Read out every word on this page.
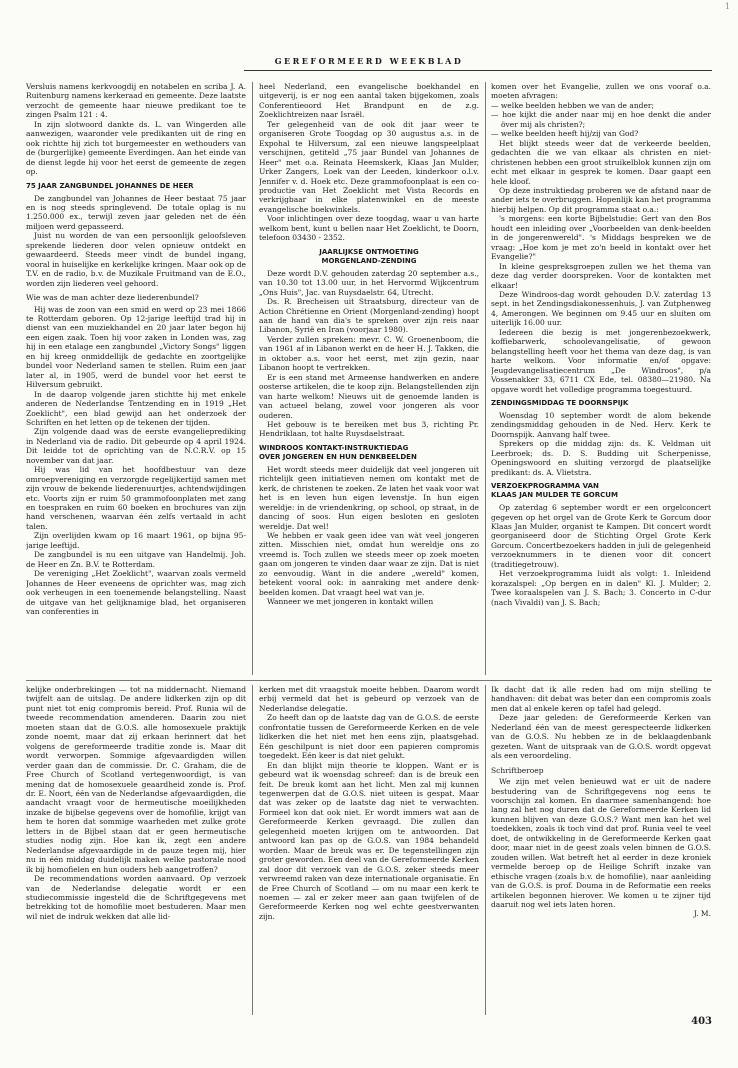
1
GEREFORMEERD WEEKBLAD

Versluis namens kerkvoogdij en notabelen en scriba J. A. Ruitenburg namens kerkeraad en gemeente. Deze laatste verzocht de gemeente haar nieuwe predikant toe te zingen Psalm 121 : 4.

In zijn slotwoord dankte ds. L. van Wingerden alle aanwezigen, waaronder vele predikanten uit de ring en ook richtte hij zich tot burgemeester en wethouders van de (burgerlijke) gemeente Everdingen. Aan het einde van de dienst legde hij voor het eerst de gemeente de zegen op.

75 JAAR ZANGBUNDEL JOHANNES DE HEER

De zangbundel van Johannes de Heer bestaat 75 jaar en is nog steeds springlevend. De totale oplag is nu 1.250.000 ex., terwijl zeven jaar geleden net de één miljoen werd gepasseerd.

Juist nu worden de van een persoonlijk geloofsleven sprekende liederen door velen opnieuw ontdekt en gewaardeerd. Steeds meer vindt de bundel ingang, vooral in huiselijke en kerkelijke kringen. Maar ook op de T.V. en de radio, b.v. de Muzikale Fruitmand van de E.O., worden zijn liederen veel gehoord.

Wie was de man achter deze liederenbundel?

Hij was de zoon van een smid en werd op 23 mei 1866 te Rotterdam geboren. Op 12-jarige leeftijd trad hij in dienst van een muziekhandel en 20 jaar later begon hij een eigen zaak. Toen hij voor zaken in Londen was, zag hij in een etalage een zangbundel „Victory Songs" liggen en hij kreeg onmiddellijk de gedachte en zoortgelijke bundel voor Nederland samen te stellen. Ruim een jaar later al, in 1905, werd de bundel voor het eerst te Hilversum gebruikt.

In de daarop volgende jaren stichtte hij met enkele anderen de Nederlandse Tentzending en in 1919 „Het Zoeklicht", een blad gewijd aan het onderzoek der Schriften en het letten op de tekenen der tijden.

Zijn volgende daad was de eerste evangelieprediking in Nederland via de radio. Dit gebeurde op 4 april 1924. Dit leidde tot de oprichting van de N.C.R.V. op 15 november van dat jaar.

Hij was lid van het hoofdbestuur van deze omroepvereniging en verzorgde regelijkertijd samen met zijn vrouw de bekende liederenuurtjes, achtendwijdingen etc. Voorts zijn er ruim 50 grammofoonplaten met zang en toespraken en ruim 60 boeken en brochures van zijn hand verschenen, waarvan één zelfs vertaald in acht talen.

Zijn overlijden kwam op 16 maart 1961, op bijna 95-jarige leeftijd.

De zangbundel is nu een uitgave van Handelmij. Joh. de Heer en Zn. B.V. te Rotterdam.

De vereniging „Het Zoeklicht", waarvan zoals vermeld Johannes de Heer eveneens de oprichter was, mag zich ook verheugen in een toenemende belangstelling. Naast de uitgave van het gelijknamige blad, het organiseren van conferenties in

heel Nederland, een evangelische boekhandel en uitgeverij, is er nog een aantal taken bijgekomen, zoals Conferentieoord Het Brandpunt en de z.g. Zoeklichtreizen naar Israël.

Ter gelegenheid van de ook dit jaar weer te organiseren Grote Toogdag op 30 augustus a.s. in de Expohal te Hilversum, zal een nieuwe langspeelplaat verschijnen, getiteld „75 jaar Bundel van Johannes de Heer" met o.a. Reinata Heemskerk, Klaas Jan Mulder, Urker Zangers, Loek van der Leeden, kinderkoor o.l.v. Jennifer v. d. Hoek etc. Deze grammofoonplaat is een co-productie van Het Zoeklicht met Vista Records en verkrijgbaar in elke platenwinkel en de meeste evangelische boekwinkels.

Voor inlichtingen over deze toogdag, waar u van harte welkom bent, kunt u bellen naar Het Zoeklicht, te Doorn, telefoon 03430 - 2352.

JAARLIJKSE ONTMOETING
MORGENLAND-ZENDING

Deze wordt D.V. gehouden zaterdag 20 september a.s., van 10.30 tot 13.00 uur, in het Hervormd Wijkcentrum „Ons Huis", Jac. van Ruysdaelstr. 64, Utrecht.

Ds. R. Brecheisen uit Straatsburg, directeur van de Action Chrétienne en Orient (Morgenland-zending) hoopt aan de hand van dia's te spreken over zijn reis naar Libanon, Syrië en Iran (voorjaar 1980).

Verder zullen spreken: mevr. C. W. Groenenboom, die van 1961 af in Libanon werkt en de heer H. J. Takken, die in oktober a.s. voor het eerst, met zijn gezin, naar Libanon hoopt te vertrekken.

Er is een stand met Armeense handwerken en andere oosterse artikelen, die te koop zijn. Belangstellenden zijn van harte welkom! Nieuws uit de genoemde landen is van actueel belang, zowel voor jongeren als voor ouderen.

Het gebouw is te bereiken met bus 3, richting Pr. Hendriklaan, tot halte Ruysdaelstraat.

WINDROOS KONTAKT-INSTRUKTIEDAG
OVER JONGEREN EN HUN DENKBEELDEN

Het wordt steeds meer duidelijk dat veel jongeren uit richtelijk geen initiatieven nemen om kontakt met de kerk, de christenen te zoeken. Ze laten het vaak voor wat het is en leven hun eigen levenstje. In hun eigen wereldje: in de vriendenkring, op school, op straat, in de dancing of soos. Hun eigen besloten en gesloten wereldje. Dat wel!

We hebben er vaak geen idee van wàt veel jongeren zitten. Misschien niet, omdat hun wereldje ons zo vreemd is. Toch zullen we steeds meer op zoek moeten gaan om jongeren te vinden daar waar ze zijn. Dat is niet zo eenvoudig. Want in die andere „wereld" komen, betekent vooral ook: in aanraking met andere denk-beelden komen. Dat vraagt heel wat van je.

Wanneer we met jongeren in kontakt willen

komen over het Evangelie, zullen we ons vooraf o.a. moeten afvragen:

— welke beelden hebben we van de ander;
— hoe kijkt die ander naar mij en hoe denkt die ander över mij als christen?;
— welke beelden heeft hij/zij van God?

Het blijkt steeds weer dat de verkeerde beelden, gedachten die we van elkaar als christen en niet-christenen hebben een groot struikelblok kunnen zijn om echt met elkaar in gesprek te komen. Daar gaapt een hele kloof.

Op deze instruktiedag proberen we de afstand naar de ander iets te overbruggen. Hopenlijk kan het programma hierbij helpen. Op dit programma staat o.a.:

's morgens: een korte Bijbelstudie: Gert van den Bos houdt een inleiding over „Voorbeelden van denk-beelden in de jongerenwereld". 's Middags bespreken we de vraag: „Hoe kom je met zo'n beeld in kontakt over het Evangelie?"

In kleine gespreksgroepen zullen we het thema van deze dag verder doorspreken. Voor de kontakten met elkaar!

Deze Windroos-dag wordt gehouden D.V. zaterdag 13 sept. in het Zendingsdiakonessenhuis, J. van Zutphenweg 4, Amerongen. We beginnen om 9.45 uur en sluiten om uiterlijk 16.00 uur.

Iedereen die bezig is met jongerenbezoekwerk, koffiebarwerk, schoolevangelisatie, of gewoon belangstelling heeft voor het thema van deze dag, is van harte welkom. Voor informatie en/of opgave: Jeugdevangelisatiecentrum „De Windroos", p/a Vossenakker 33, 6711 CX Ede, tel. 08380—21980. Na opgave wordt het volledige programma toegestuurd.

ZENDINGSMIDDAG TE DOORNSPIJK

Woensdag 10 september wordt de alom bekende zendingsmiddag gehouden in de Ned. Herv. Kerk te Doornspijk. Aanvang half twee.

Sprekers op die middag zijn: ds. K. Veldman uit Leerbroek; ds. D. S. Budding uit Scherpenisse, Openingswoord en sluiting verzorgd de plaatselijke predikant: ds. A. Vlietstra.

VERZOEKPROGRAMMA VAN
KLAAS JAN MULDER TE GORCUM

Op zaterdag 6 september wordt er een orgelconcert gegeven op het orgel van de Grote Kerk te Gorcum door Klaas Jan Mulder, organist te Kampen. Dit concert wordt georganiseerd door de Stichting Orgel Grote Kerk Gorcum. Concertbezoekers hadden in juli de gelegenheid verzoeknummers in te dienen voor dit concert (traditiegetrouw).

Het verzoekprogramma luidt als volgt: 1. Inleidend korazalspel: „Op bergen en in dalen" Kl. J. Mulder; 2. Twee koraalspelen van J. S. Bach; 3. Concerto in C-dur (nach Vivaldi) van J. S. Bach;

kelijke onderbrekingen — tot na middernacht. Niemand twijfelt aan de uitslag. De andere lidkerken zijn op dit punt niet tot enig compromis bereid. Prof. Runia wil de tweede recommendation amenderen. Daarin zou niet moeten staan dat de G.O.S. alle homosexuele praktijk zonde noemt, maar dat zij erkaan herinnert dat het volgens de gereformeerde traditie zonde is. Maar dit wordt verworpen. Sommige afgevaardigden willen verder gaan dan de commissie. Dr. C. Graham, die de Free Church of Scotland vertegenwoordigt, is van mening dat de homosexuele geaardheid zonde is. Prof. dr. E. Noort, één van de Nederlandse afgevaardigden, die aandacht vraagt voor de hermeutische moeilijkheden inzake de bijbelse gegevens over de homofilie, krijgt van hem te horen dat sommige waarheden met zulke grote letters in de Bijbel staan dat er geen hermeutische studies nodig zijn. Hoe kan ik, zegt een andere Nederlandse afgevaardigde in de pauze tegen mij, hier nu in één middag duidelijk maken welke pastorale nood ik bij homofielen en hun ouders heb aangetroffen?

De recommendations worden aanvaard. Op verzoek van de Nederlandse delegatie wordt er een studiecommissie ingesteld die de Schriftgegevens met betrekking tot de homofilie moet bestuderen. Maar men wil niet de indruk wekken dat alle lid-

kerken met dit vraagstuk moeite hebben. Daarom wordt erbij vermeld dat het is gebeurd op verzoek van de Nederlandse delegatie.

Zo heeft dan op de laatste dag van de G.O.S. de eerste confrontatie tussen de Gereformeerde Kerken en de vele lidkerken die het niet met hen eens zijn, plaatsgehad. Eén geschilpunt is niet door een papieren compromis toegedekt. Eén keer is dat niet gelukt.

En dan blijkt mijn theorie te kloppen. Want er is gebeurd wat ik woensdag schreef: dan is de breuk een feit. De breuk komt aan het licht. Men zal mij kunnen tegenwerpen dat de G.O.S. niet uiteen is gespat. Maar dat was zeker op de laatste dag niet te verwachten. Formeel kon dat ook niet. Er wordt immers wat aan de Gereformeerde Kerken gevraagd. Die zullen dan gelegenheid moeten krijgen om te antwoorden. Dat antwoord kan pas op de G.O.S. van 1984 behandeld worden. Maar de breuk was er. De tegenstellingen zijn groter geworden. Een deel van de Gereformeerde Kerken zal door dit verzoek van de G.O.S. zeker steeds meer verwreemd raken van deze internationale organisatie. En de Free Church of Scotland — om nu maar een kerk te noemen — zal er zeker meer aan gaan twijfelen of de Gereformeerde Kerken nog wel echte geestverwanten zijn.

Ik dacht dat ik alle reden had om mijn stelling te handhaven: dit debat was beter dan een compromis zoals men dat al enkele keren op tafel had gelegd.

Deze jaar geleden: de Gereformeerde Kerken van Nederland één van de meest gerespecteerde lidkerken van de G.O.S. Nu hebben ze in de beklaagdenbank gezeten. Want de uitspraak van de G.O.S. wordt opgevat als een veroordeling.

Schriftberoep

We zijn met velen benieuwd wat er uit de nadere bestudering van de Schriftgegevens nog eens te voorschijn zal komen. En daarmee samenhangend: hoe lang zal het nog duren dat de Gereformeerde Kerken lid kunnen blijven van deze G.O.S.? Want men kan het wel toedekken, zoals ik toch vind dat prof. Runia veel te veel doet, de ontwikkeling in de Gereformeerde Kerken gaat door, maar niet in de geest zoals velen binnen de G.O.S. zouden willen. Wat betreft het al eerder in deze kroniek vermelde beroep op de Heilige Schrift inzake van ethische vragen (zoals b.v. de homofilie), naar aanleiding van de G.O.S. is prof. Douma in de Reformatie een reeks artikelen begonnen hierover. We komen u te zijner tijd daaruit nog wel iets laten horen.

J. M.

403
